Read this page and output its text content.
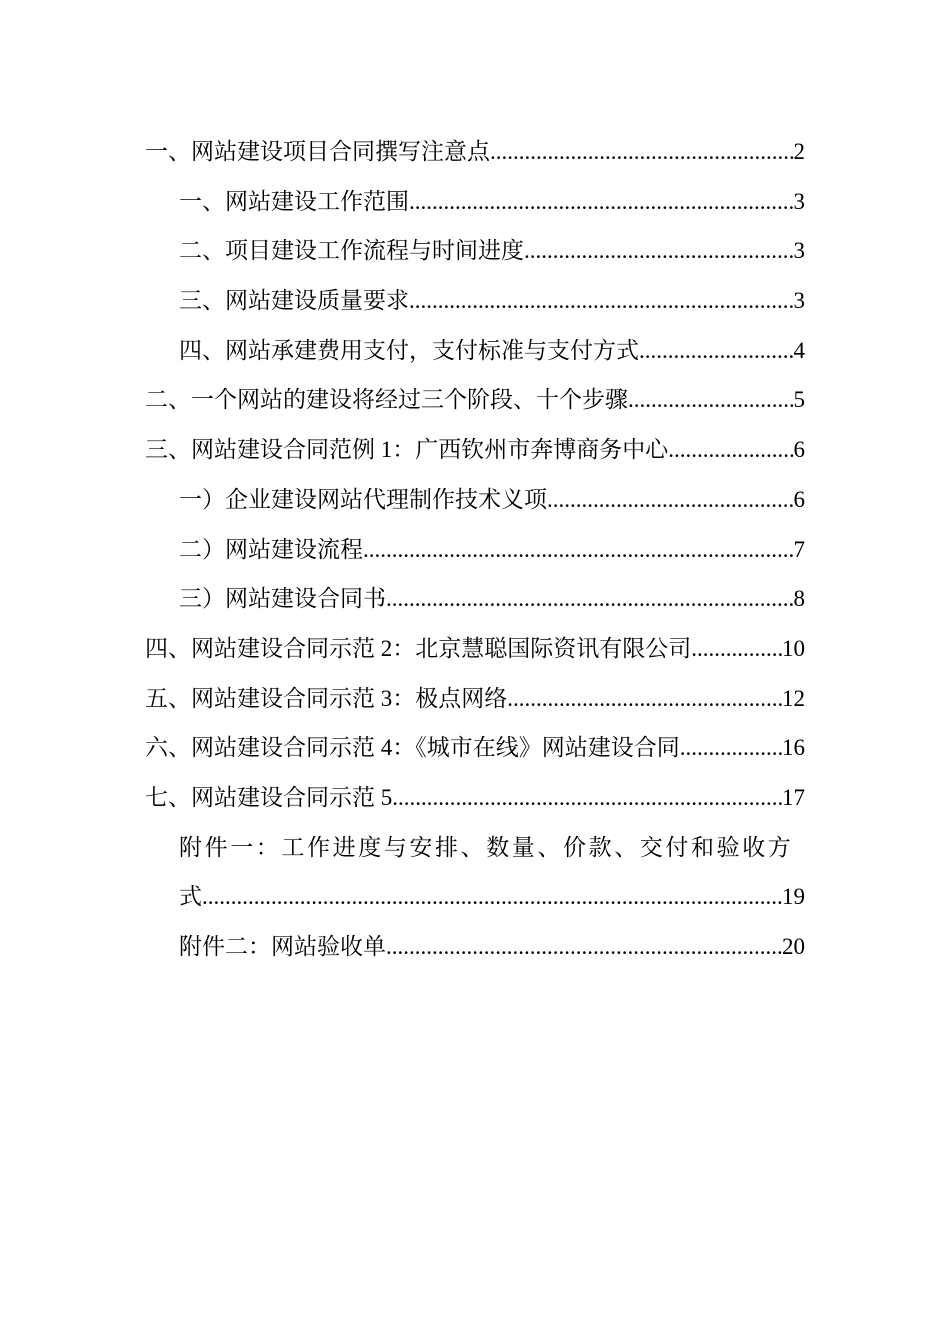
一、网站建设项目合同撰写注意点 .....	2
一、网站建设工作范围 .....	3
二、项目建设工作流程与时间进度 .....	3
三、网站建设质量要求 .....	3
四、网站承建费用支付，支付标准与支付方式 .....	4
二、一个网站的建设将经过三个阶段、十个步骤 .....	5
三、网站建设合同范例 1：广西钦州市奔博商务中心 .....	6
一）企业建设网站代理制作技术义项 .....	6
二）网站建设流程 .....	7
三）网站建设合同书 .....	8
四、网站建设合同示范 2：北京慧聪国际资讯有限公司 .....	10
五、网站建设合同示范 3：极点网络 .....	12
六、网站建设合同示范 4：《城市在线》网站建设合同 .....	16
七、网站建设合同示范 5 .....	17
附件一：工作进度与安排、数量、价款、交付和验收方
式 .....	19
附件二：网站验收单 .....	20
